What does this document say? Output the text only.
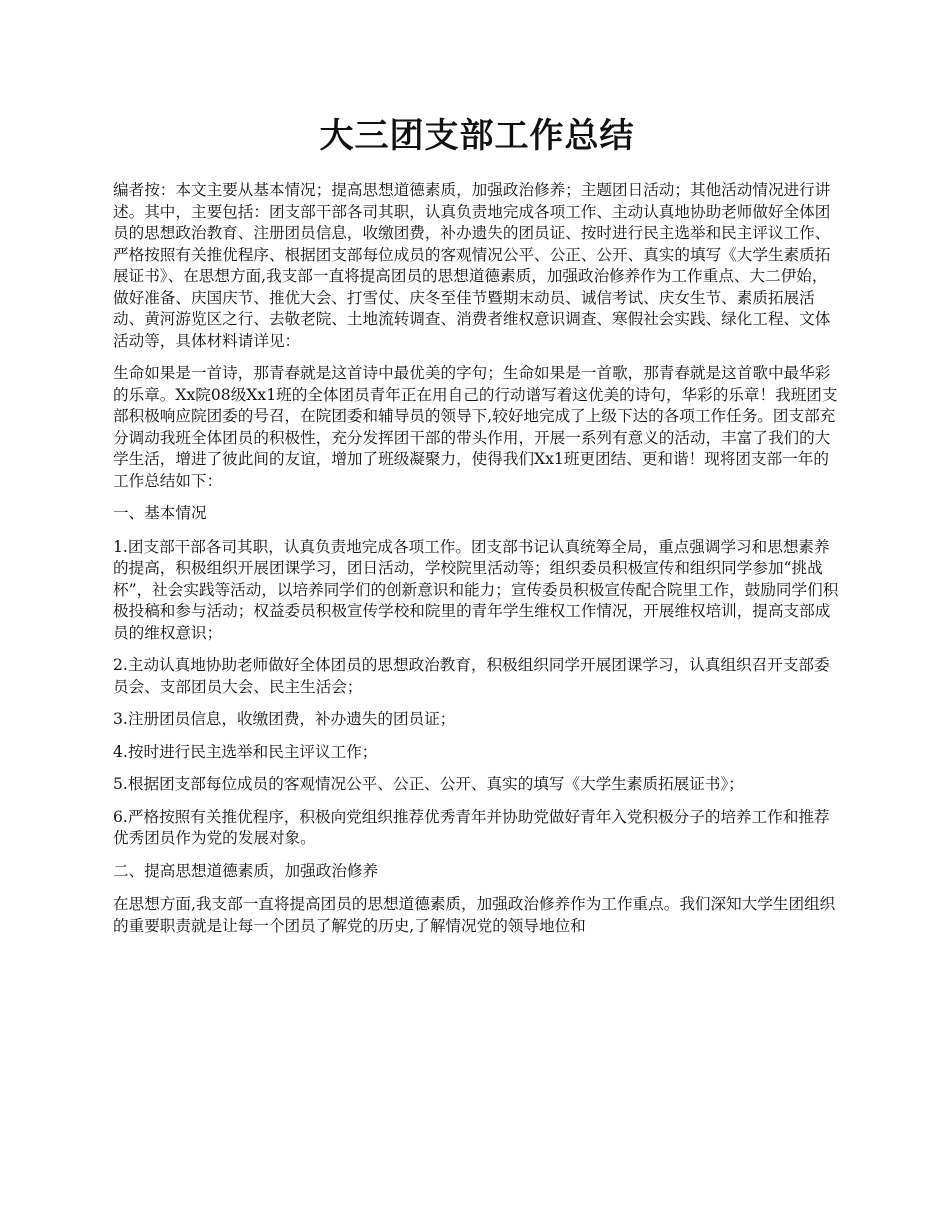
大三团支部工作总结

编者按：本文主要从基本情况；提高思想道德素质，加强政治修养；主题团日活动；其他活动情况进行讲述。其中，主要包括：团支部干部各司其职，认真负责地完成各项工作、主动认真地协助老师做好全体团员的思想政治教育、注册团员信息，收缴团费，补办遗失的团员证、按时进行民主选举和民主评议工作、严格按照有关推优程序、根据团支部每位成员的客观情况公平、公正、公开、真实的填写《大学生素质拓展证书》、在思想方面,我支部一直将提高团员的思想道德素质，加强政治修养作为工作重点、大二伊始，做好准备、庆国庆节、推优大会、打雪仗、庆冬至佳节暨期末动员、诚信考试、庆女生节、素质拓展活动、黄河游览区之行、去敬老院、土地流转调查、消费者维权意识调查、寒假社会实践、绿化工程、文体活动等，具体材料请详见：

生命如果是一首诗，那青春就是这首诗中最优美的字句；生命如果是一首歌，那青春就是这首歌中最华彩的乐章。Xx院08级Xx1班的全体团员青年正在用自己的行动谱写着这优美的诗句，华彩的乐章！我班团支部积极响应院团委的号召，在院团委和辅导员的领导下,较好地完成了上级下达的各项工作任务。团支部充分调动我班全体团员的积极性，充分发挥团干部的带头作用，开展一系列有意义的活动，丰富了我们的大学生活，增进了彼此间的友谊，增加了班级凝聚力，使得我们Xx1班更团结、更和谐！现将团支部一年的工作总结如下：

一、基本情况

1.团支部干部各司其职，认真负责地完成各项工作。团支部书记认真统筹全局，重点强调学习和思想素养的提高，积极组织开展团课学习，团日活动，学校院里活动等；组织委员积极宣传和组织同学参加“挑战杯”，社会实践等活动，以培养同学们的创新意识和能力；宣传委员积极宣传配合院里工作，鼓励同学们积极投稿和参与活动；权益委员积极宣传学校和院里的青年学生维权工作情况，开展维权培训，提高支部成员的维权意识；

2.主动认真地协助老师做好全体团员的思想政治教育，积极组织同学开展团课学习，认真组织召开支部委员会、支部团员大会、民主生活会；

3.注册团员信息，收缴团费，补办遗失的团员证；

4.按时进行民主选举和民主评议工作；

5.根据团支部每位成员的客观情况公平、公正、公开、真实的填写《大学生素质拓展证书》；

6.严格按照有关推优程序，积极向党组织推荐优秀青年并协助党做好青年入党积极分子的培养工作和推荐优秀团员作为党的发展对象。

二、提高思想道德素质，加强政治修养

在思想方面,我支部一直将提高团员的思想道德素质，加强政治修养作为工作重点。我们深知大学生团组织的重要职责就是让每一个团员了解党的历史,了解情况党的领导地位和
